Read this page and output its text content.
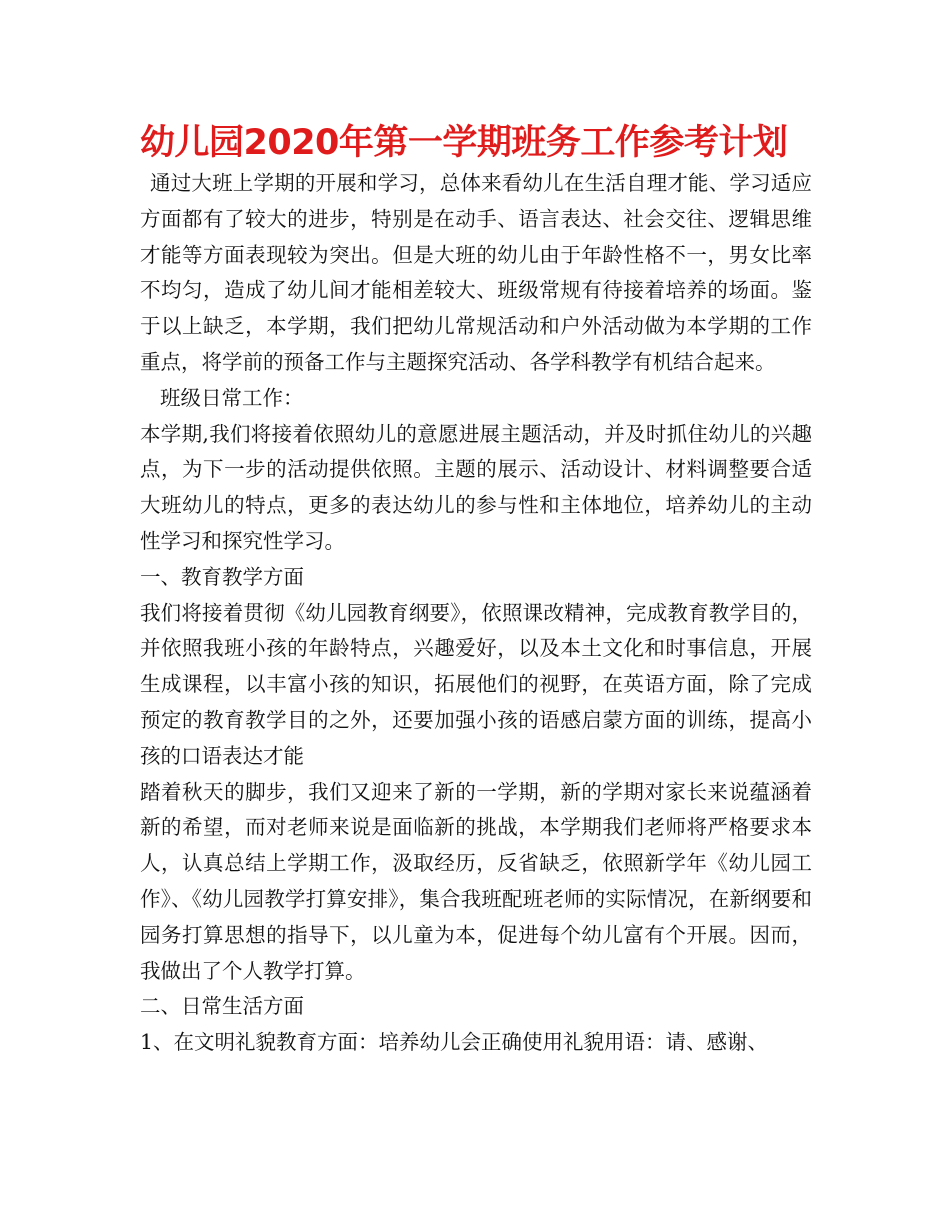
幼儿园2020年第一学期班务工作参考计划

通过大班上学期的开展和学习，总体来看幼儿在生活自理才能、学习适应方面都有了较大的进步，特别是在动手、语言表达、社会交往、逻辑思维才能等方面表现较为突出。但是大班的幼儿由于年龄性格不一，男女比率不均匀，造成了幼儿间才能相差较大、班级常规有待接着培养的场面。鉴于以上缺乏，本学期，我们把幼儿常规活动和户外活动做为本学期的工作重点，将学前的预备工作与主题探究活动、各学科教学有机结合起来。

班级日常工作：

本学期,我们将接着依照幼儿的意愿进展主题活动，并及时抓住幼儿的兴趣点，为下一步的活动提供依照。主题的展示、活动设计、材料调整要合适大班幼儿的特点，更多的表达幼儿的参与性和主体地位，培养幼儿的主动性学习和探究性学习。

一、教育教学方面

我们将接着贯彻《幼儿园教育纲要》，依照课改精神，完成教育教学目的，并依照我班小孩的年龄特点，兴趣爱好，以及本土文化和时事信息，开展生成课程，以丰富小孩的知识，拓展他们的视野，在英语方面，除了完成预定的教育教学目的之外，还要加强小孩的语感启蒙方面的训练，提高小孩的口语表达才能

踏着秋天的脚步，我们又迎来了新的一学期，新的学期对家长来说蕴涵着新的希望，而对老师来说是面临新的挑战，本学期我们老师将严格要求本人，认真总结上学期工作，汲取经历，反省缺乏，依照新学年《幼儿园工作》、《幼儿园教学打算安排》，集合我班配班老师的实际情况，在新纲要和园务打算思想的指导下，以儿童为本，促进每个幼儿富有个开展。因而，我做出了个人教学打算。

二、日常生活方面

1、在文明礼貌教育方面：培养幼儿会正确使用礼貌用语：请、感谢、
